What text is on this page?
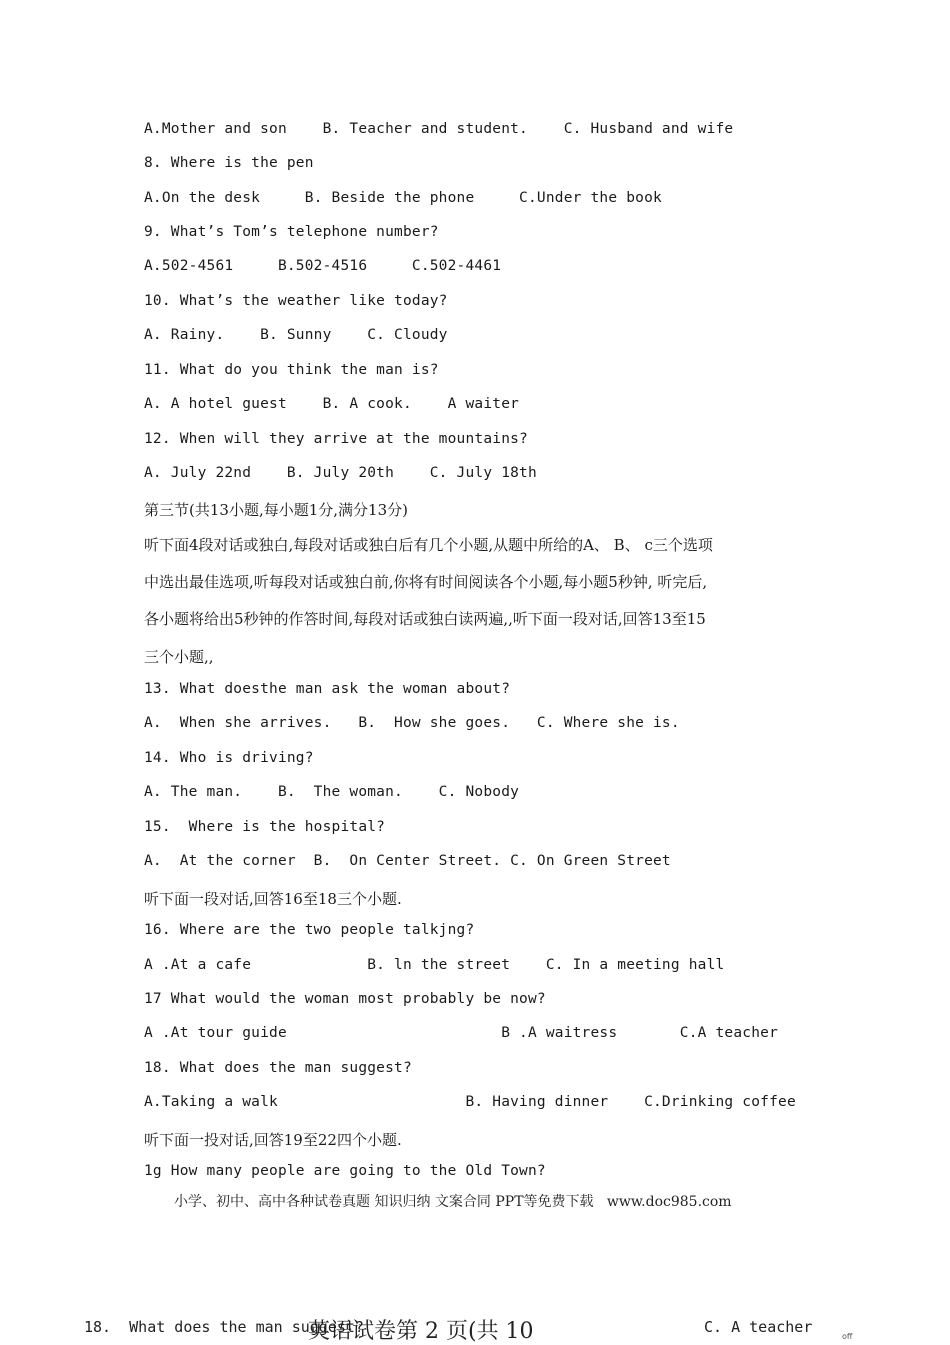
A.Mother and son    B. Teacher and student.    C. Husband and wife
8. Where is the pen
A.On the desk     B. Beside the phone     C.Under the book
9. What’s Tom’s telephone number?
A.502-4561     B.502-4516     C.502-4461
10. What’s the weather like today?
A. Rainy.    B. Sunny    C. Cloudy
11. What do you think the man is?
A. A hotel guest    B. A cook.    A waiter
12. When will they arrive at the mountains?
A. July 22nd    B. July 20th    C. July 18th
第三节(共13小题,每小题1分,满分13分)
听下面4段对话或独白,每段对话或独白后有几个小题,从题中所给的A、 B、 c三个选项
中选出最佳选项,听每段对话或独白前,你将有时间阅读各个小题,每小题5秒钟, 听完后,
各小题将给出5秒钟的作答时间,每段对话或独白读两遍,,听下面一段对话,回答13至15
三个小题,,
13. What doesthe man ask the woman about?
A.  When she arrives.   B.  How she goes.   C. Where she is.
14. Who is driving?
A. The man.    B.  The woman.    C. Nobody
15.  Where is the hospital?
A.  At the corner  B.  On Center Street. C. On Green Street
听下面一段对话,回答16至18三个小题.
16. Where are the two people talkjng?
A .At a cafe             B. ln the street    C. In a meeting hall
17 What would the woman most probably be now?
A .At tour guide                        B .A waitress       C.A teacher
18. What does the man suggest?
A.Taking a walk                     B. Having dinner    C.Drinking coffee
听下面一投对话,回答19至22四个小题.
1g How many people are going to the Old Town?
小学、初中、高中各种试卷真题 知识归纳 文案合同 PPT等免费下载   www.doc985.com
18.  What does the man suggest?
英语试卷第 2 页(共 10	C. A teacher
off
